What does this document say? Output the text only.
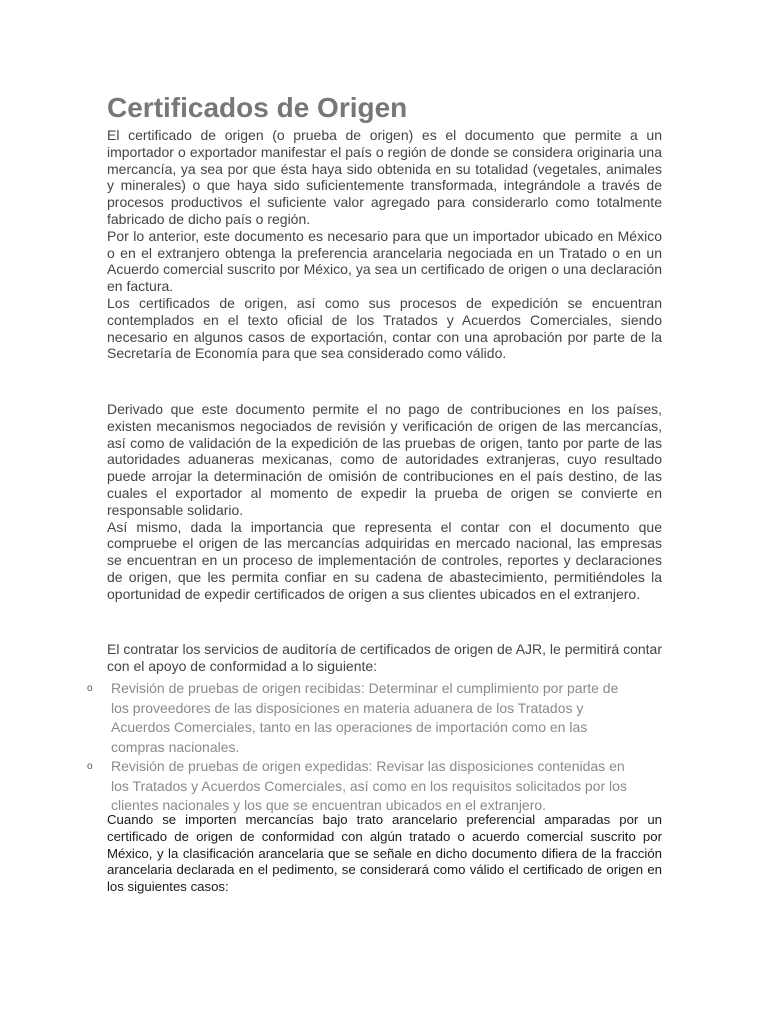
Certificados de Origen

El certificado de origen (o prueba de origen) es el documento que permite a un importador o exportador manifestar el país o región de donde se considera originaria una mercancía, ya sea por que ésta haya sido obtenida en su totalidad (vegetales, animales y minerales) o que haya sido suficientemente transformada, integrándole a través de procesos productivos el suficiente valor agregado para considerarlo como totalmente fabricado de dicho país o región.

Por lo anterior, este documento es necesario para que un importador ubicado en México o en el extranjero obtenga la preferencia arancelaria negociada en un Tratado o en un Acuerdo comercial suscrito por México, ya sea un certificado de origen o una declaración en factura.

Los certificados de origen, así como sus procesos de expedición se encuentran contemplados en el texto oficial de los Tratados y Acuerdos Comerciales, siendo necesario en algunos casos de exportación, contar con una aprobación por parte de la Secretaría de Economía para que sea considerado como válido.

Derivado que este documento permite el no pago de contribuciones en los países, existen mecanismos negociados de revisión y verificación de origen de las mercancías, así como de validación de la expedición de las pruebas de origen, tanto por parte de las autoridades aduaneras mexicanas, como de autoridades extranjeras, cuyo resultado puede arrojar la determinación de omisión de contribuciones en el país destino, de las cuales el exportador al momento de expedir la prueba de origen se convierte en responsable solidario.

Así mismo, dada la importancia que representa el contar con el documento que compruebe el origen de las mercancías adquiridas en mercado nacional, las empresas se encuentran en un proceso de implementación de controles, reportes y declaraciones de origen, que les permita confiar en su cadena de abastecimiento, permitiéndoles la oportunidad de expedir certificados de origen a sus clientes ubicados en el extranjero.

El contratar los servicios de auditoría de certificados de origen de AJR, le permitirá contar con el apoyo de conformidad a lo siguiente:

o Revisión de pruebas de origen recibidas: Determinar el cumplimiento por parte de los proveedores de las disposiciones en materia aduanera de los Tratados y Acuerdos Comerciales, tanto en las operaciones de importación como en las compras nacionales.
o Revisión de pruebas de origen expedidas: Revisar las disposiciones contenidas en los Tratados y Acuerdos Comerciales, así como en los requisitos solicitados por los clientes nacionales y los que se encuentran ubicados en el extranjero.

Cuando se importen mercancías bajo trato arancelario preferencial amparadas por un certificado de origen de conformidad con algún tratado o acuerdo comercial suscrito por México, y la clasificación arancelaria que se señale en dicho documento difiera de la fracción arancelaria declarada en el pedimento, se considerará como válido el certificado de origen en los siguientes casos:
